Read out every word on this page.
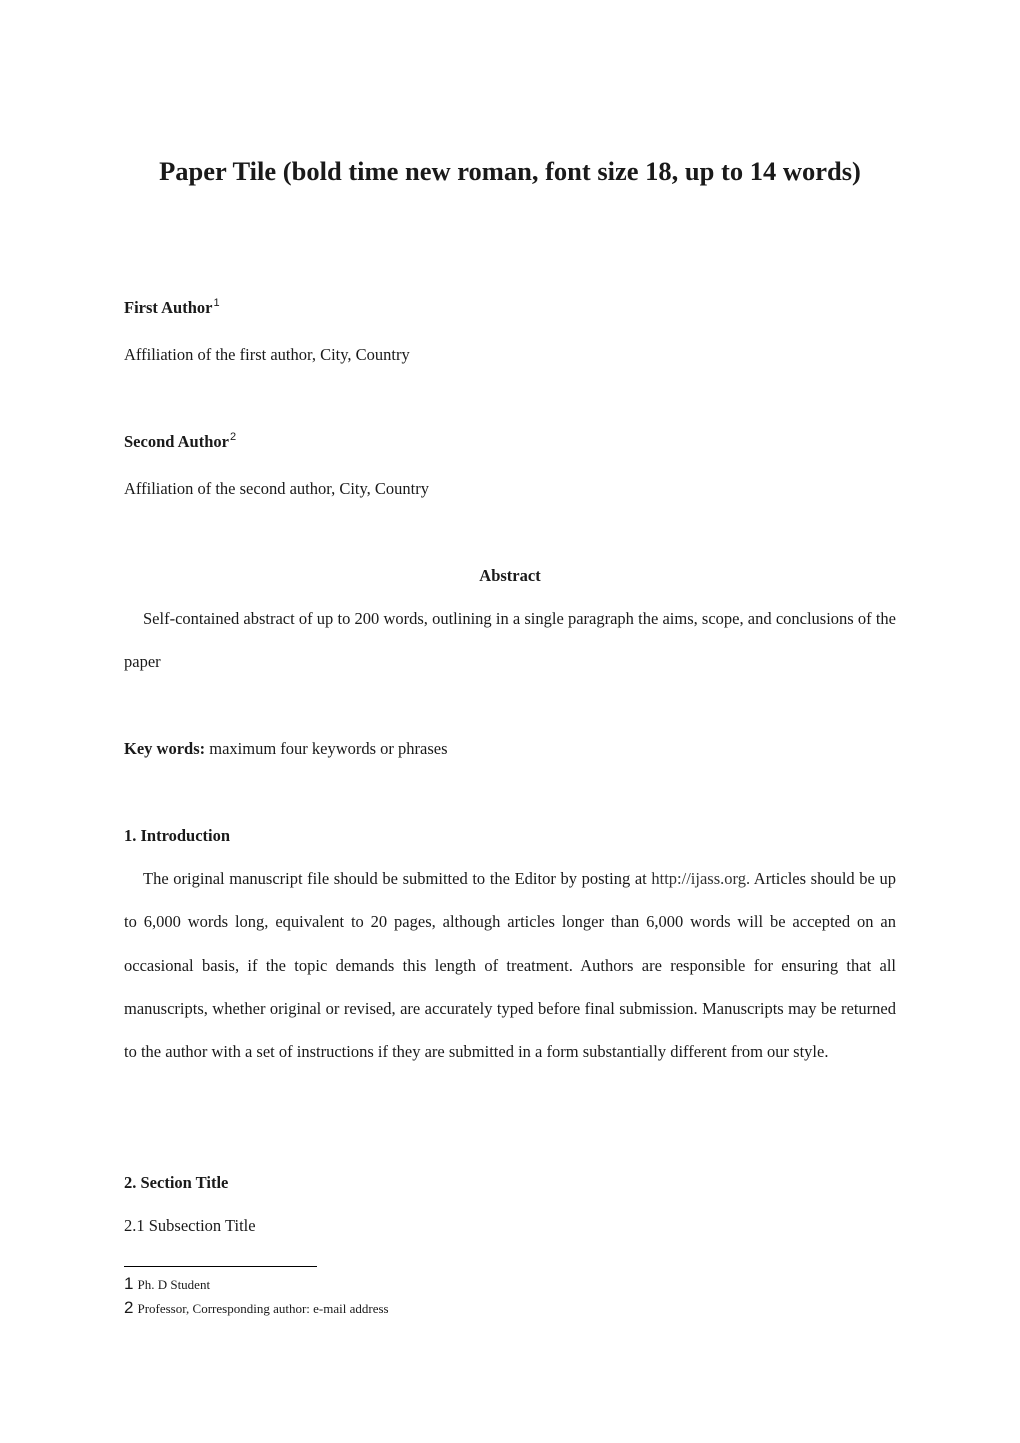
Paper Tile (bold time new roman, font size 18, up to 14 words)

First Author$^1$

Affiliation of the first author, City, Country

Second Author$^2$

Affiliation of the second author, City, Country

Abstract

Self-contained abstract of up to 200 words, outlining in a single paragraph the aims, scope, and conclusions of the paper

Key words: maximum four keywords or phrases

1. Introduction

The original manuscript file should be submitted to the Editor by posting at http://ijass.org. Articles should be up to 6,000 words long, equivalent to 20 pages, although articles longer than 6,000 words will be accepted on an occasional basis, if the topic demands this length of treatment. Authors are responsible for ensuring that all manuscripts, whether original or revised, are accurately typed before final submission. Manuscripts may be returned to the author with a set of instructions if they are submitted in a form substantially different from our style.

2. Section Title

2.1 Subsection Title

1 Ph. D Student

2 Professor, Corresponding author: e-mail address
